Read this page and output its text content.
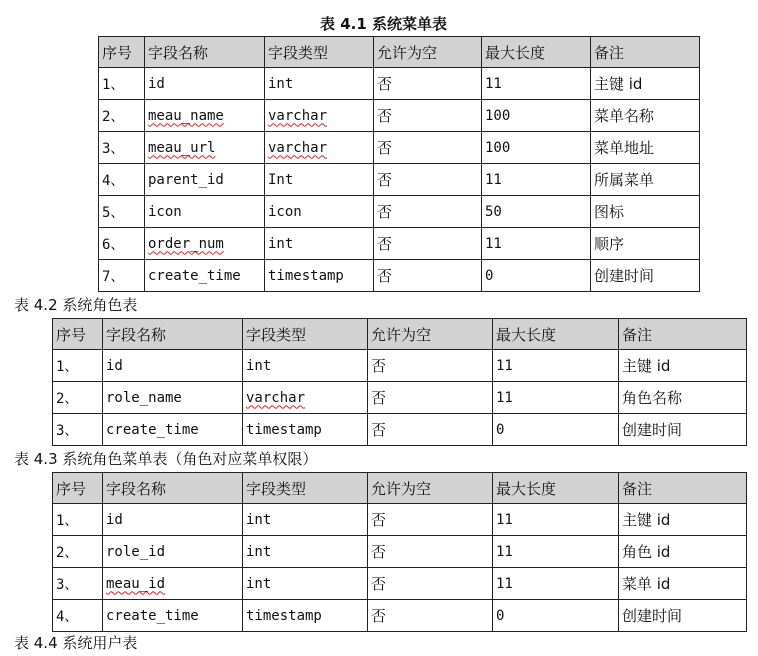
表 4.1 系统菜单表
序号	字段名称	字段类型	允许为空	最大长度	备注
1、	id	int	否	11	主键 id
2、	meau_name	varchar	否	100	菜单名称
3、	meau_url	varchar	否	100	菜单地址
4、	parent_id	Int	否	11	所属菜单
5、	icon	icon	否	50	图标
6、	order_num	int	否	11	顺序
7、	create_time	timestamp	否	0	创建时间
表 4.2 系统角色表
序号	字段名称	字段类型	允许为空	最大长度	备注
1、	id	int	否	11	主键 id
2、	role_name	varchar	否	11	角色名称
3、	create_time	timestamp	否	0	创建时间
表 4.3 系统角色菜单表（角色对应菜单权限）
序号	字段名称	字段类型	允许为空	最大长度	备注
1、	id	int	否	11	主键 id
2、	role_id	int	否	11	角色 id
3、	meau_id	int	否	11	菜单 id
4、	create_time	timestamp	否	0	创建时间
表 4.4 系统用户表
